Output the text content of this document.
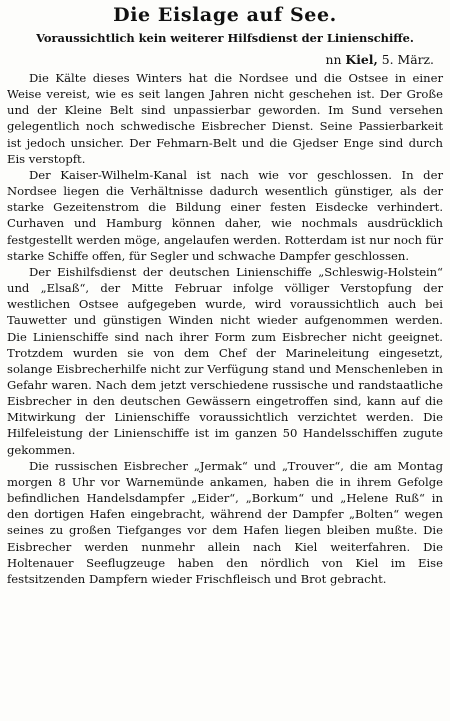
Die Eislage auf See.
Voraussichtlich kein weiterer Hilfsdienst der Linienschiffe.
nn Kiel, 5. März.

Die Kälte dieses Winters hat die Nordsee und die Ostsee in einer Weise vereist, wie es seit langen Jahren nicht geschehen ist. Der Große und der Kleine Belt sind unpassierbar geworden. Im Sund versehen gelegentlich noch schwedische Eisbrecher Dienst. Seine Passierbarkeit ist jedoch unsicher. Der Fehmarn-Belt und die Gjedser Enge sind durch Eis verstopft.

Der Kaiser-Wilhelm-Kanal ist nach wie vor geschlossen. In der Nordsee liegen die Verhältnisse dadurch wesentlich günstiger, als der starke Gezeitenstrom die Bildung einer festen Eisdecke verhindert. Curhaven und Hamburg können daher, wie nochmals ausdrücklich festgestellt werden möge, angelaufen werden. Rotterdam ist nur noch für starke Schiffe offen, für Segler und schwache Dampfer geschlossen.

Der Eishilfsdienst der deutschen Linienschiffe „Schleswig-Holstein“ und „Elsaß“, der Mitte Februar infolge völliger Verstopfung der westlichen Ostsee aufgegeben wurde, wird voraussichtlich auch bei Tauwetter und günstigen Winden nicht wieder aufgenommen werden. Die Linienschiffe sind nach ihrer Form zum Eisbrecher nicht geeignet. Trotzdem wurden sie von dem Chef der Marineleitung eingesetzt, solange Eisbrecherhilfe nicht zur Verfügung stand und Menschenleben in Gefahr waren. Nach dem jetzt verschiedene russische und randstaatliche Eisbrecher in den deutschen Gewässern eingetroffen sind, kann auf die Mitwirkung der Linienschiffe voraussichtlich verzichtet werden. Die Hilfeleistung der Linienschiffe ist im ganzen 50 Handelsschiffen zugute gekommen.

Die russischen Eisbrecher „Jermak“ und „Trouver“, die am Montag morgen 8 Uhr vor Warnemünde ankamen, haben die in ihrem Gefolge befindlichen Handelsdampfer „Eider“, „Borkum“ und „Helene Ruß“ in den dortigen Hafen eingebracht, während der Dampfer „Bolten“ wegen seines zu großen Tiefganges vor dem Hafen liegen bleiben mußte. Die Eisbrecher werden nunmehr allein nach Kiel weiterfahren. Die Holtenauer Seeflugzeuge haben den nördlich von Kiel im Eise festsitzenden Dampfern wieder Frischfleisch und Brot gebracht.
